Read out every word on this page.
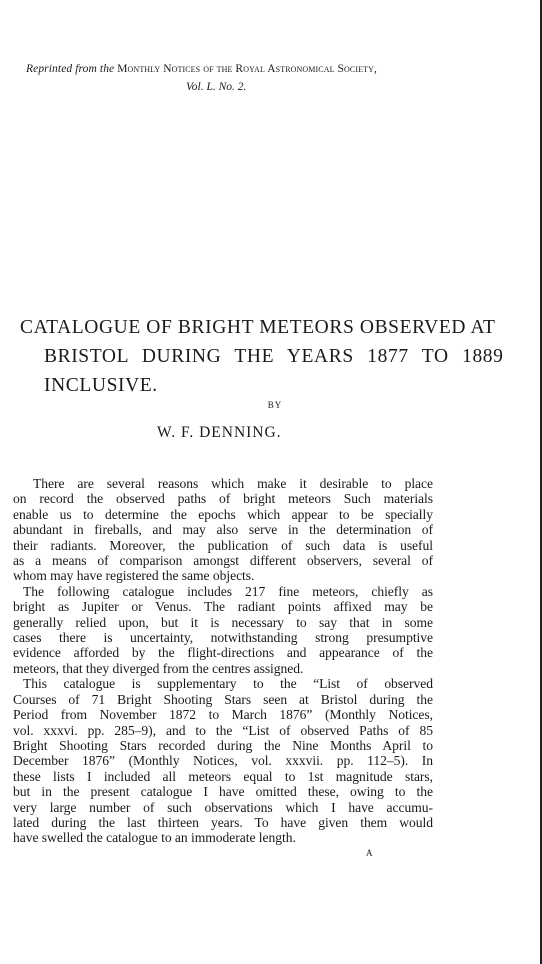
Reprinted from the Monthly Notices of the Royal Astronomical Society,
Vol. L. No. 2.
CATALOGUE OF BRIGHT METEORS OBSERVED AT
BRISTOL DURING THE YEARS 1877 TO 1889
INCLUSIVE.
BY
W. F. DENNING.
There are several reasons which make it desirable to place
on record the observed paths of bright meteors Such materials
enable us to determine the epochs which appear to be specially
abundant in fireballs, and may also serve in the determination of
their radiants. Moreover, the publication of such data is useful
as a means of comparison amongst different observers, several of
whom may have registered the same objects.
The following catalogue includes 217 fine meteors, chiefly as
bright as Jupiter or Venus. The radiant points affixed may be
generally relied upon, but it is necessary to say that in some
cases there is uncertainty, notwithstanding strong presumptive
evidence afforded by the flight-directions and appearance of the
meteors, that they diverged from the centres assigned.
This catalogue is supplementary to the “List of observed
Courses of 71 Bright Shooting Stars seen at Bristol during the
Period from November 1872 to March 1876” (Monthly Notices,
vol. xxxvi. pp. 285–9), and to the “List of observed Paths of 85
Bright Shooting Stars recorded during the Nine Months April to
December 1876” (Monthly Notices, vol. xxxvii. pp. 112–5). In
these lists I included all meteors equal to 1st magnitude stars,
but in the present catalogue I have omitted these, owing to the
very large number of such observations which I have accumu-
lated during the last thirteen years. To have given them would
have swelled the catalogue to an immoderate length.
A
